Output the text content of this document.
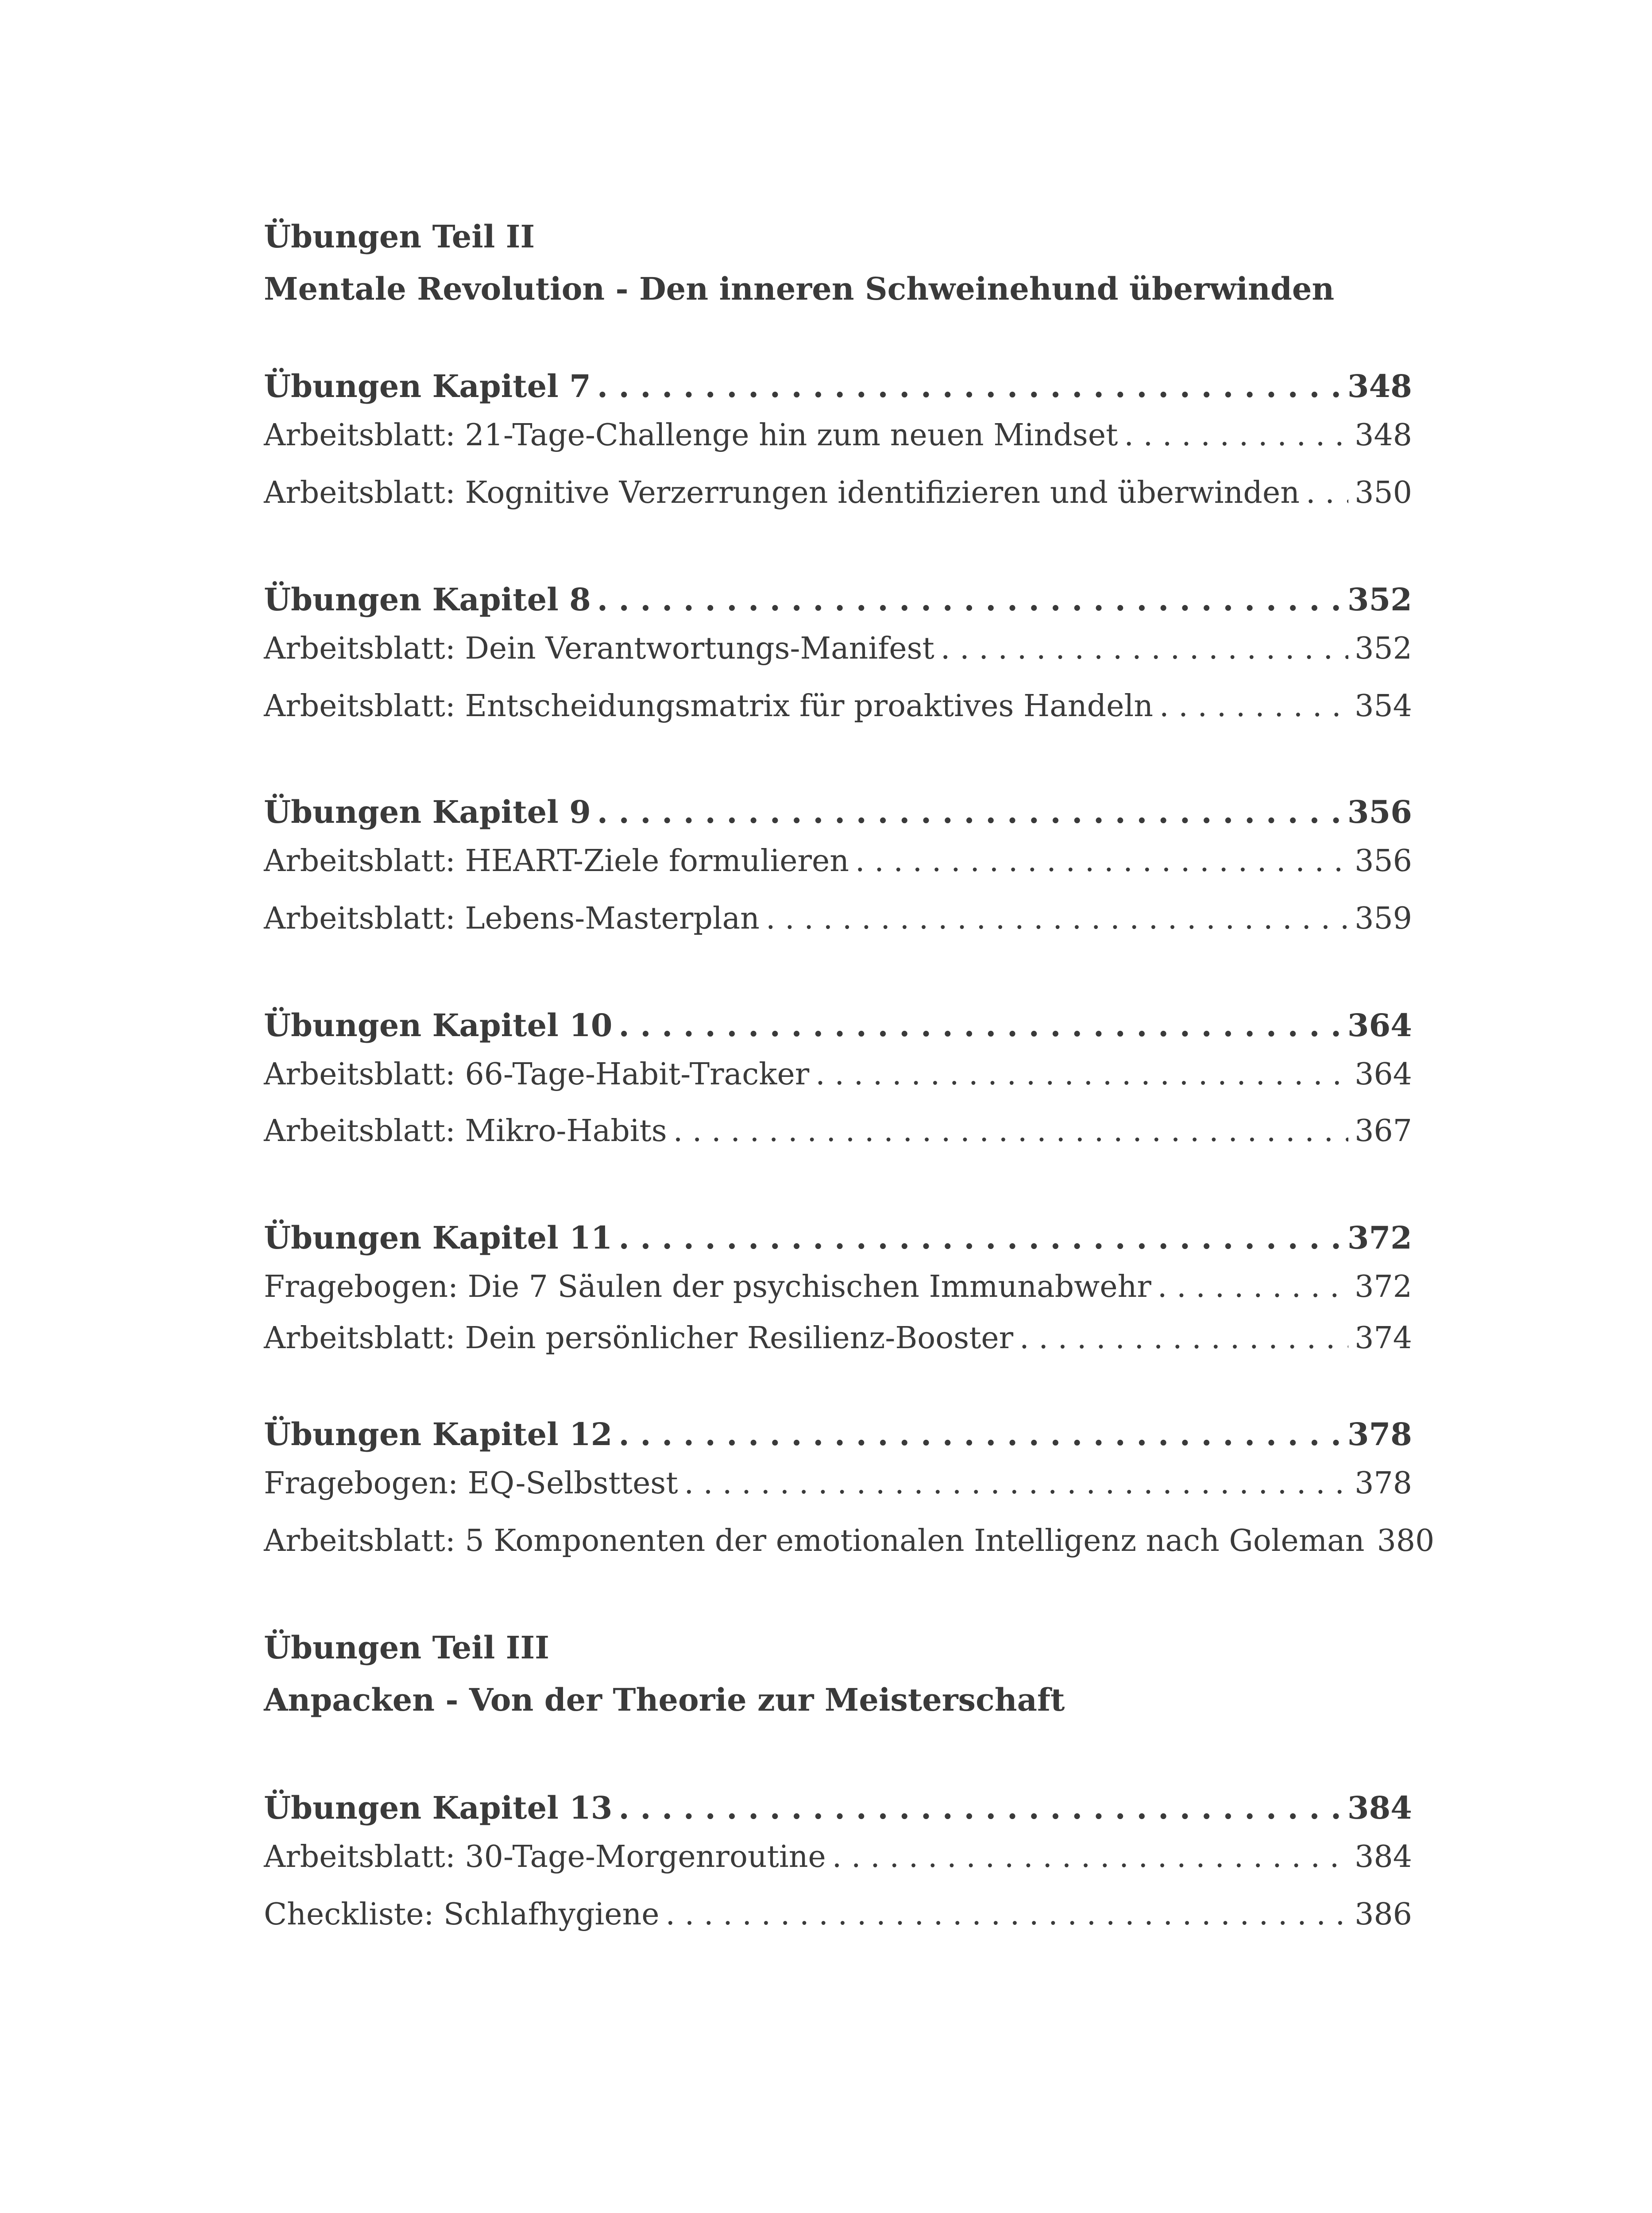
Übungen Teil II
Mentale Revolution - Den inneren Schweinehund überwinden
Übungen Kapitel 7 . . .	348
Arbeitsblatt: 21-Tage-Challenge hin zum neuen Mindset . . .	348
Arbeitsblatt: Kognitive Verzerrungen identifizieren und überwinden . . . 350
Übungen Kapitel 8 . . .	352
Arbeitsblatt: Dein Verantwortungs-Manifest . . .	352
Arbeitsblatt: Entscheidungsmatrix für proaktives Handeln . . .	354
Übungen Kapitel 9 . . .	356
Arbeitsblatt: HEART-Ziele formulieren . . .	356
Arbeitsblatt: Lebens-Masterplan . . .	359
Übungen Kapitel 10 . . .	364
Arbeitsblatt: 66-Tage-Habit-Tracker . . .	364
Arbeitsblatt: Mikro-Habits . . .	367
Übungen Kapitel 11 . . .	372
Fragebogen: Die 7 Säulen der psychischen Immunabwehr . . .	372
Arbeitsblatt: Dein persönlicher Resilienz-Booster . . .	374
Übungen Kapitel 12 . . .	378
Fragebogen: EQ-Selbsttest . . .	378
Arbeitsblatt: 5 Komponenten der emotionalen Intelligenz nach Goleman 380
Übungen Teil III
Anpacken - Von der Theorie zur Meisterschaft
Übungen Kapitel 13 . . .	384
Arbeitsblatt: 30-Tage-Morgenroutine . . .	384
Checkliste: Schlafhygiene . . .	386
